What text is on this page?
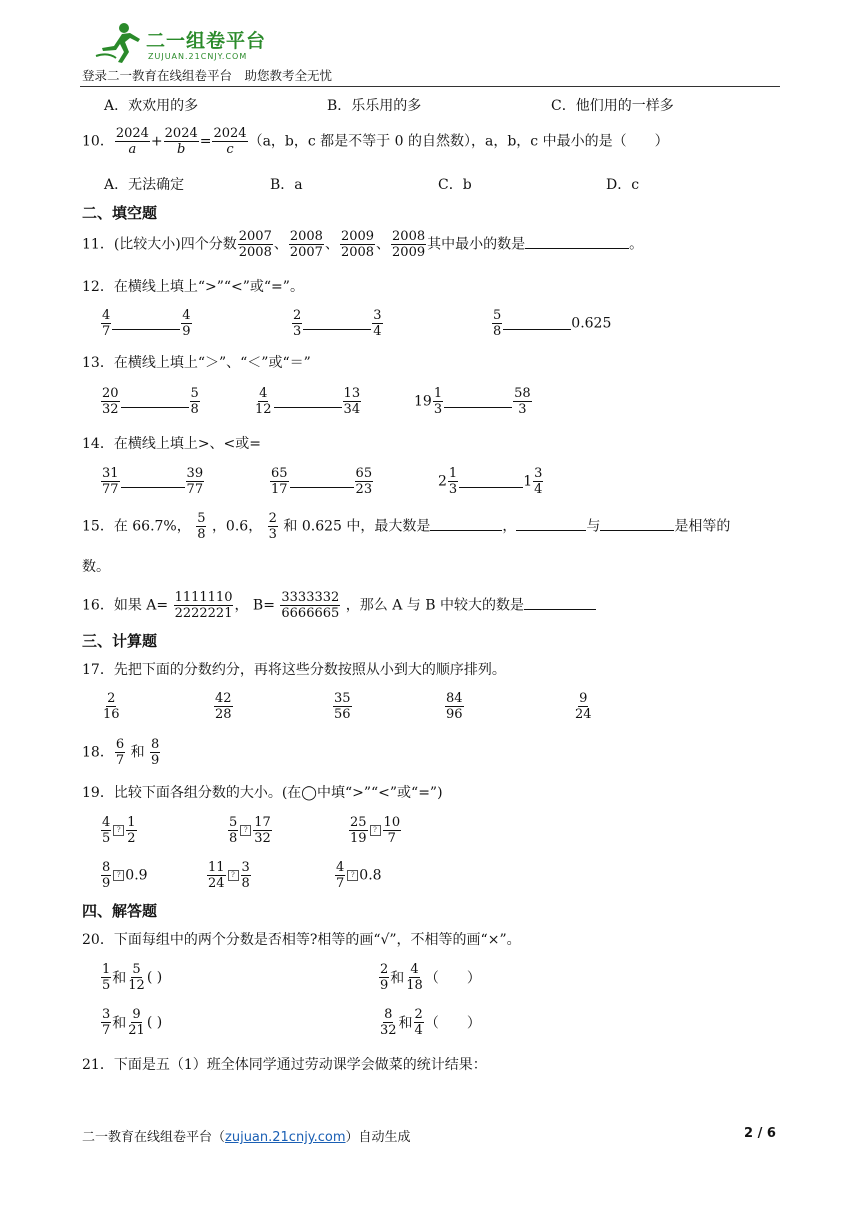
二一组卷平台
ZUJUAN.21CNJY.COM
登录二一教育在线组卷平台　助您教考全无忧
A．欢欢用的多	B．乐乐用的多	C．他们用的一样多
10． $\frac{2024}{a} + \frac{2024}{b} = \frac{2024}{c} (a$，b，c 都是不等于 0 的自然数），a，b，c 中最小的是（　　）
A．无法确定	B．a	C．b	D．c
二、填空题
11．(比较大小)四个分数 $\frac{2007}{2008}$ 、 $\frac{2008}{2007}$ 、 $\frac{2009}{2008}$ 、 $\frac{2008}{2009}$ 其中最小的数是	。
12．在横线上填上“>”“<”或“=”。
$\frac{4}{7}$	$\frac{4}{9}$	$\frac{2}{3}$	$\frac{3}{4}$	$\frac{5}{8}$	0.625
13．在横线上填上“＞”、“＜”或“＝”
$\frac{20}{32}$	$\frac{5}{8}$	$\frac{4}{12}$	$\frac{13}{34}$	$19 \frac{1}{3}$	$\frac{58}{3}$
14．在横线上填上>、<或=
$\frac{31}{77}$	$\frac{39}{77}$	$\frac{65}{17}$	$\frac{65}{23}$	$2 \frac{1}{3}$	$1 \frac{3}{4}$
15．在 66.7%， $\frac{5}{8}$ ，0.6， $\frac{2}{3}$ 和 0.625 中，最大数是	，	与	是相等的
数。
16．如果 $A= \frac{1111110}{2222221}$ ， $B= \frac{3333332}{6666665}$ ，那么 A 与 B 中较大的数是
三、计算题
17．先把下面的分数约分，再将这些分数按照从小到大的顺序排列。
$\frac{2}{16}$	$\frac{42}{28}$	$\frac{35}{56}$	$\frac{84}{96}$	$\frac{9}{24}$
18． $\frac{6}{7}$ 和 $\frac{8}{9}$
19．比较下面各组分数的大小。(在◯中填“>”“<”或“=”)
$\frac{4}{5}$ ? $\frac{1}{2}$	$\frac{5}{8}$ ? $\frac{17}{32}$	$\frac{25}{19}$ ? $\frac{10}{7}$
$\frac{8}{9}$ ? 0.9	$\frac{11}{24}$ ? $\frac{3}{8}$	$\frac{4}{7}$ ? 0.8
四、解答题
20．下面每组中的两个分数是否相等?相等的画“√”，不相等的画“×”。
$\frac{1}{5}$ 和 $\frac{5}{12}$ ( )	$\frac{2}{9}$ 和 $\frac{4}{18}$ （　　）
$\frac{3}{7}$ 和 $\frac{9}{21}$ ( )	$\frac{8}{32}$ 和 $\frac{2}{4}$ （　　）
21．下面是五（1）班全体同学通过劳动课学会做菜的统计结果：
二一教育在线组卷平台（zujuan.21cnjy.com）自动生成	2 / 6
